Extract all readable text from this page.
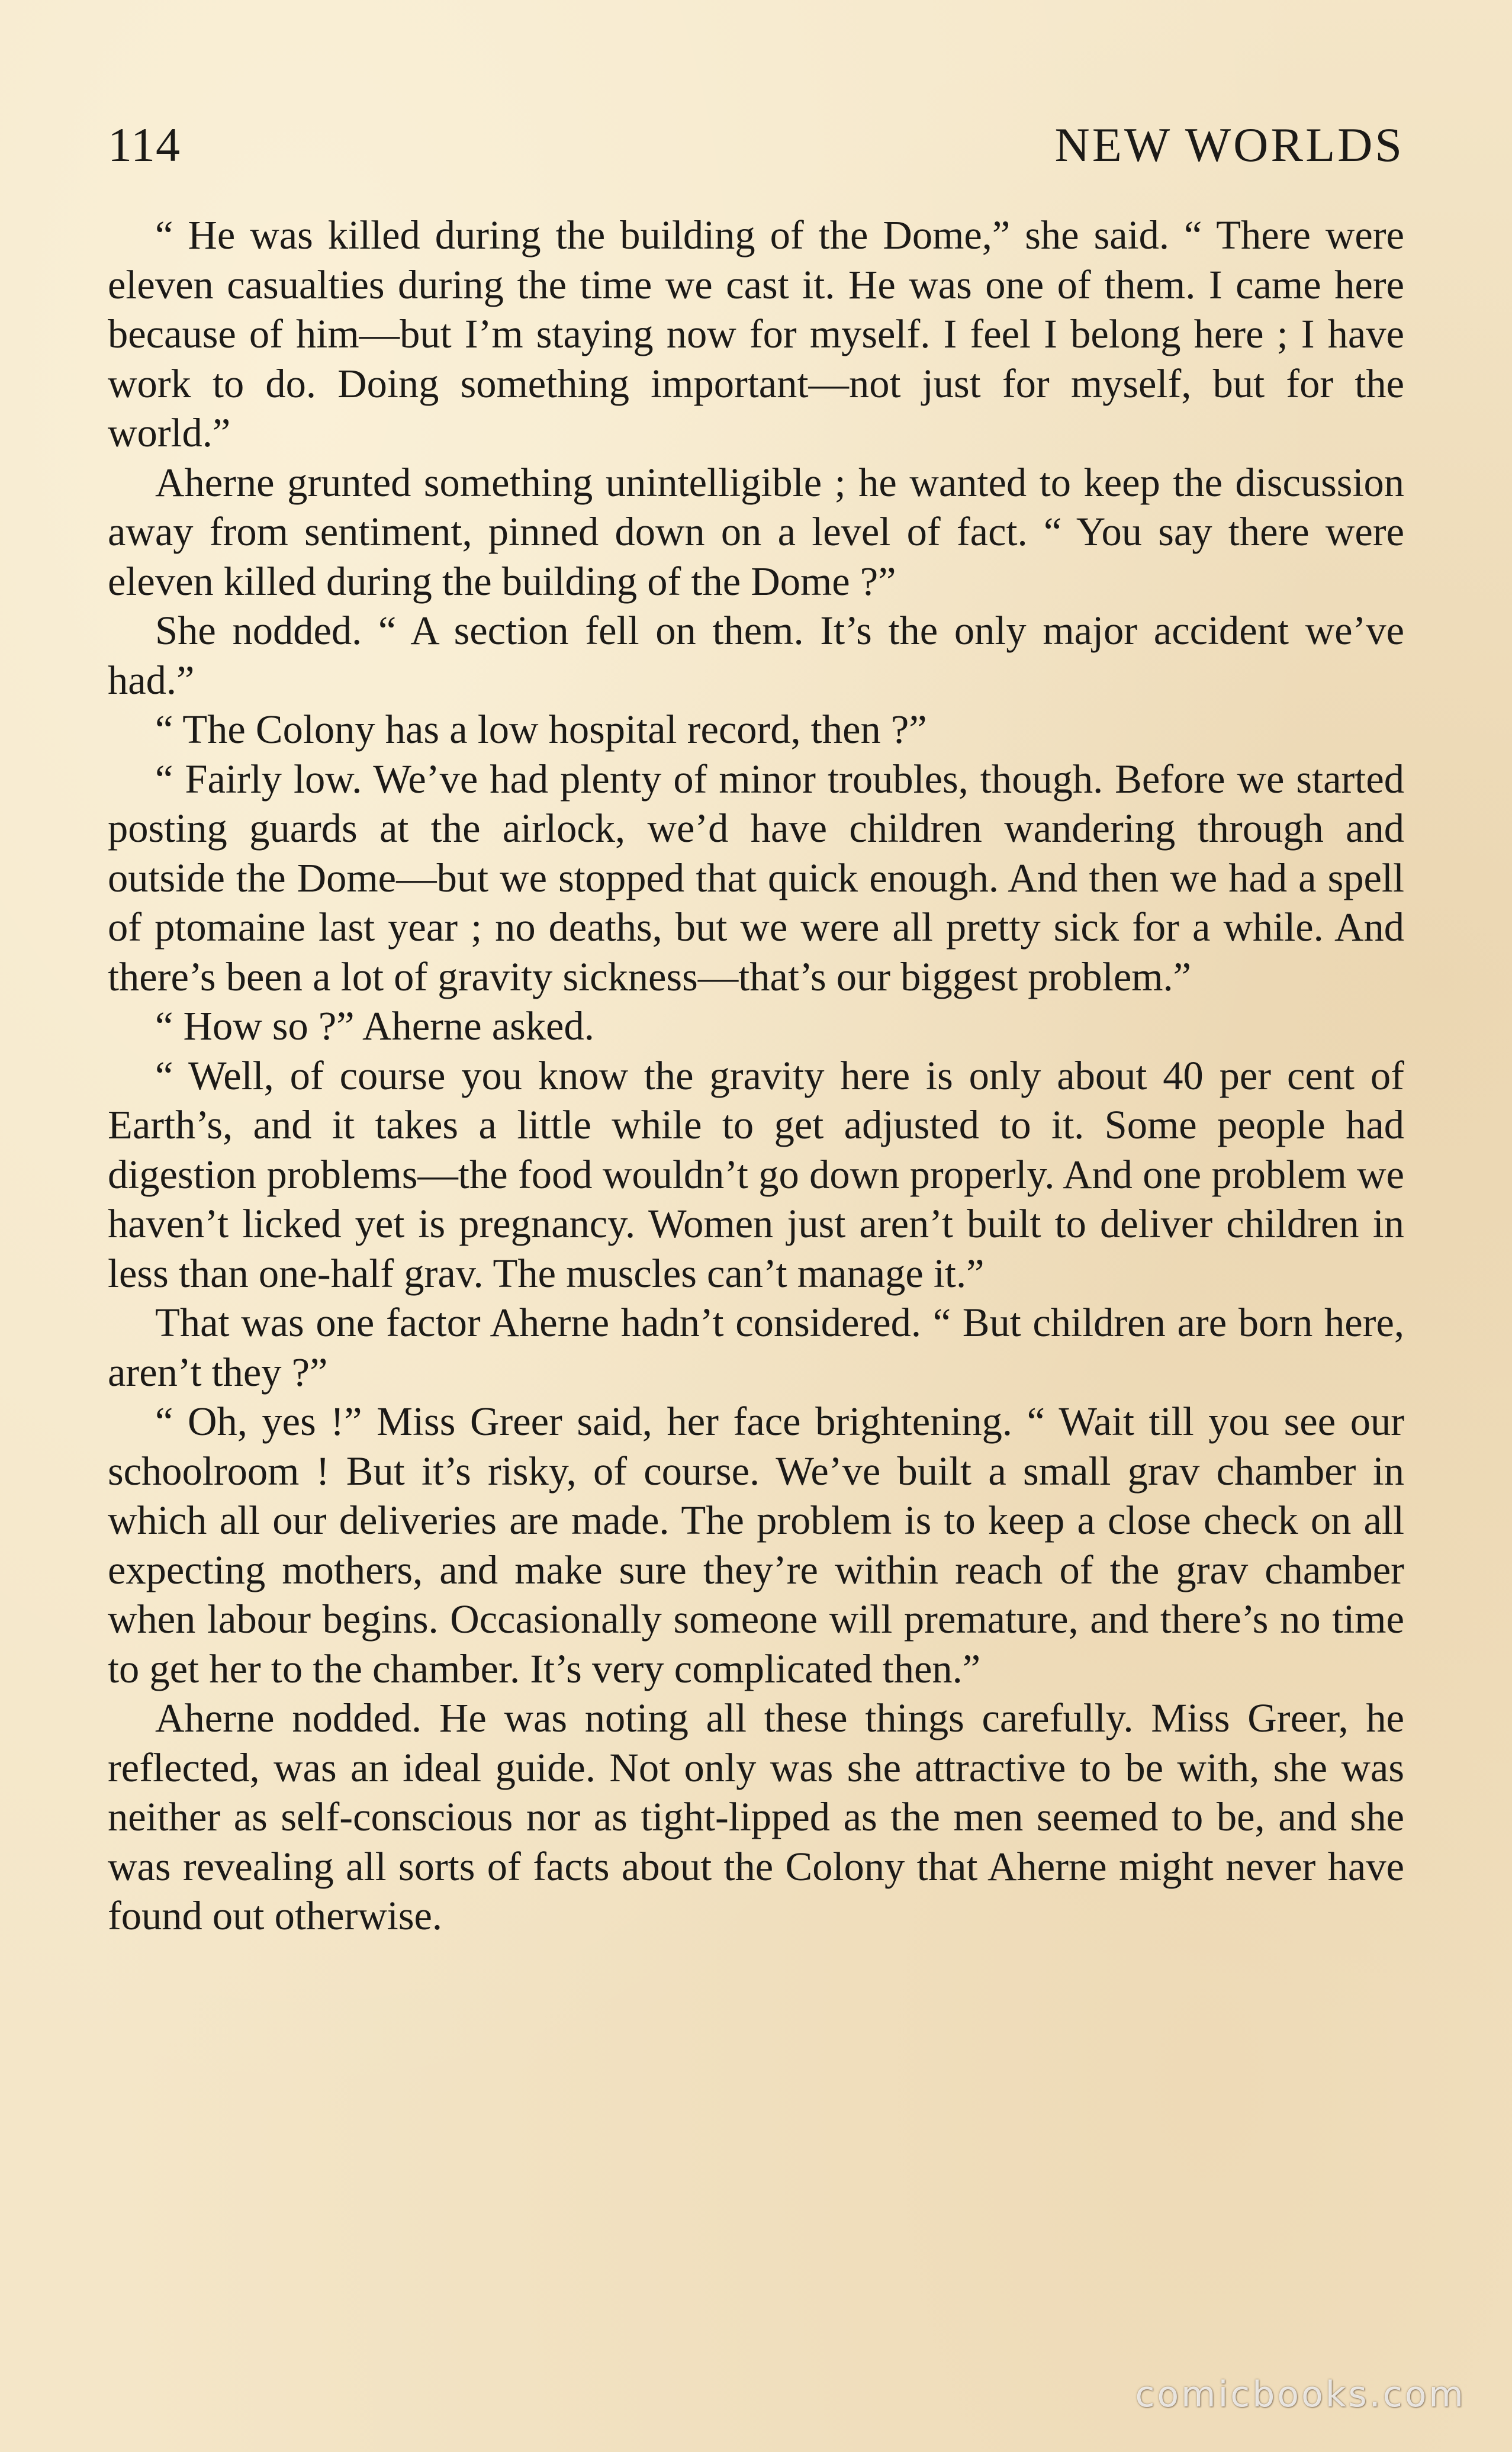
114	NEW WORLDS

“ He was killed during the building of the Dome,” she said. “ There were eleven casualties during the time we cast it. He was one of them. I came here because of him—but I’m staying now for myself. I feel I belong here ; I have work to do. Doing something important—not just for myself, but for the world.”

Aherne grunted something unintelligible ; he wanted to keep the discussion away from sentiment, pinned down on a level of fact. “ You say there were eleven killed during the building of the Dome ?”

She nodded. “ A section fell on them. It’s the only major accident we’ve had.”

“ The Colony has a low hospital record, then ?”

“ Fairly low. We’ve had plenty of minor troubles, though. Before we started posting guards at the airlock, we’d have children wandering through and outside the Dome—but we stopped that quick enough. And then we had a spell of ptomaine last year ; no deaths, but we were all pretty sick for a while. And there’s been a lot of gravity sickness—that’s our biggest problem.”

“ How so ?” Aherne asked.

“ Well, of course you know the gravity here is only about 40 per cent of Earth’s, and it takes a little while to get adjusted to it. Some people had digestion problems—the food wouldn’t go down properly. And one problem we haven’t licked yet is pregnancy. Women just aren’t built to deliver children in less than one-half grav. The muscles can’t manage it.”

That was one factor Aherne hadn’t considered. “ But children are born here, aren’t they ?”

“ Oh, yes !” Miss Greer said, her face brightening. “ Wait till you see our schoolroom ! But it’s risky, of course. We’ve built a small grav chamber in which all our deliveries are made. The problem is to keep a close check on all expecting mothers, and make sure they’re within reach of the grav chamber when labour begins. Occasionally someone will premature, and there’s no time to get her to the chamber. It’s very complicated then.”

Aherne nodded. He was noting all these things carefully. Miss Greer, he reflected, was an ideal guide. Not only was she attractive to be with, she was neither as self-conscious nor as tight-lipped as the men seemed to be, and she was revealing all sorts of facts about the Colony that Aherne might never have found out otherwise.

comicbooks.com
